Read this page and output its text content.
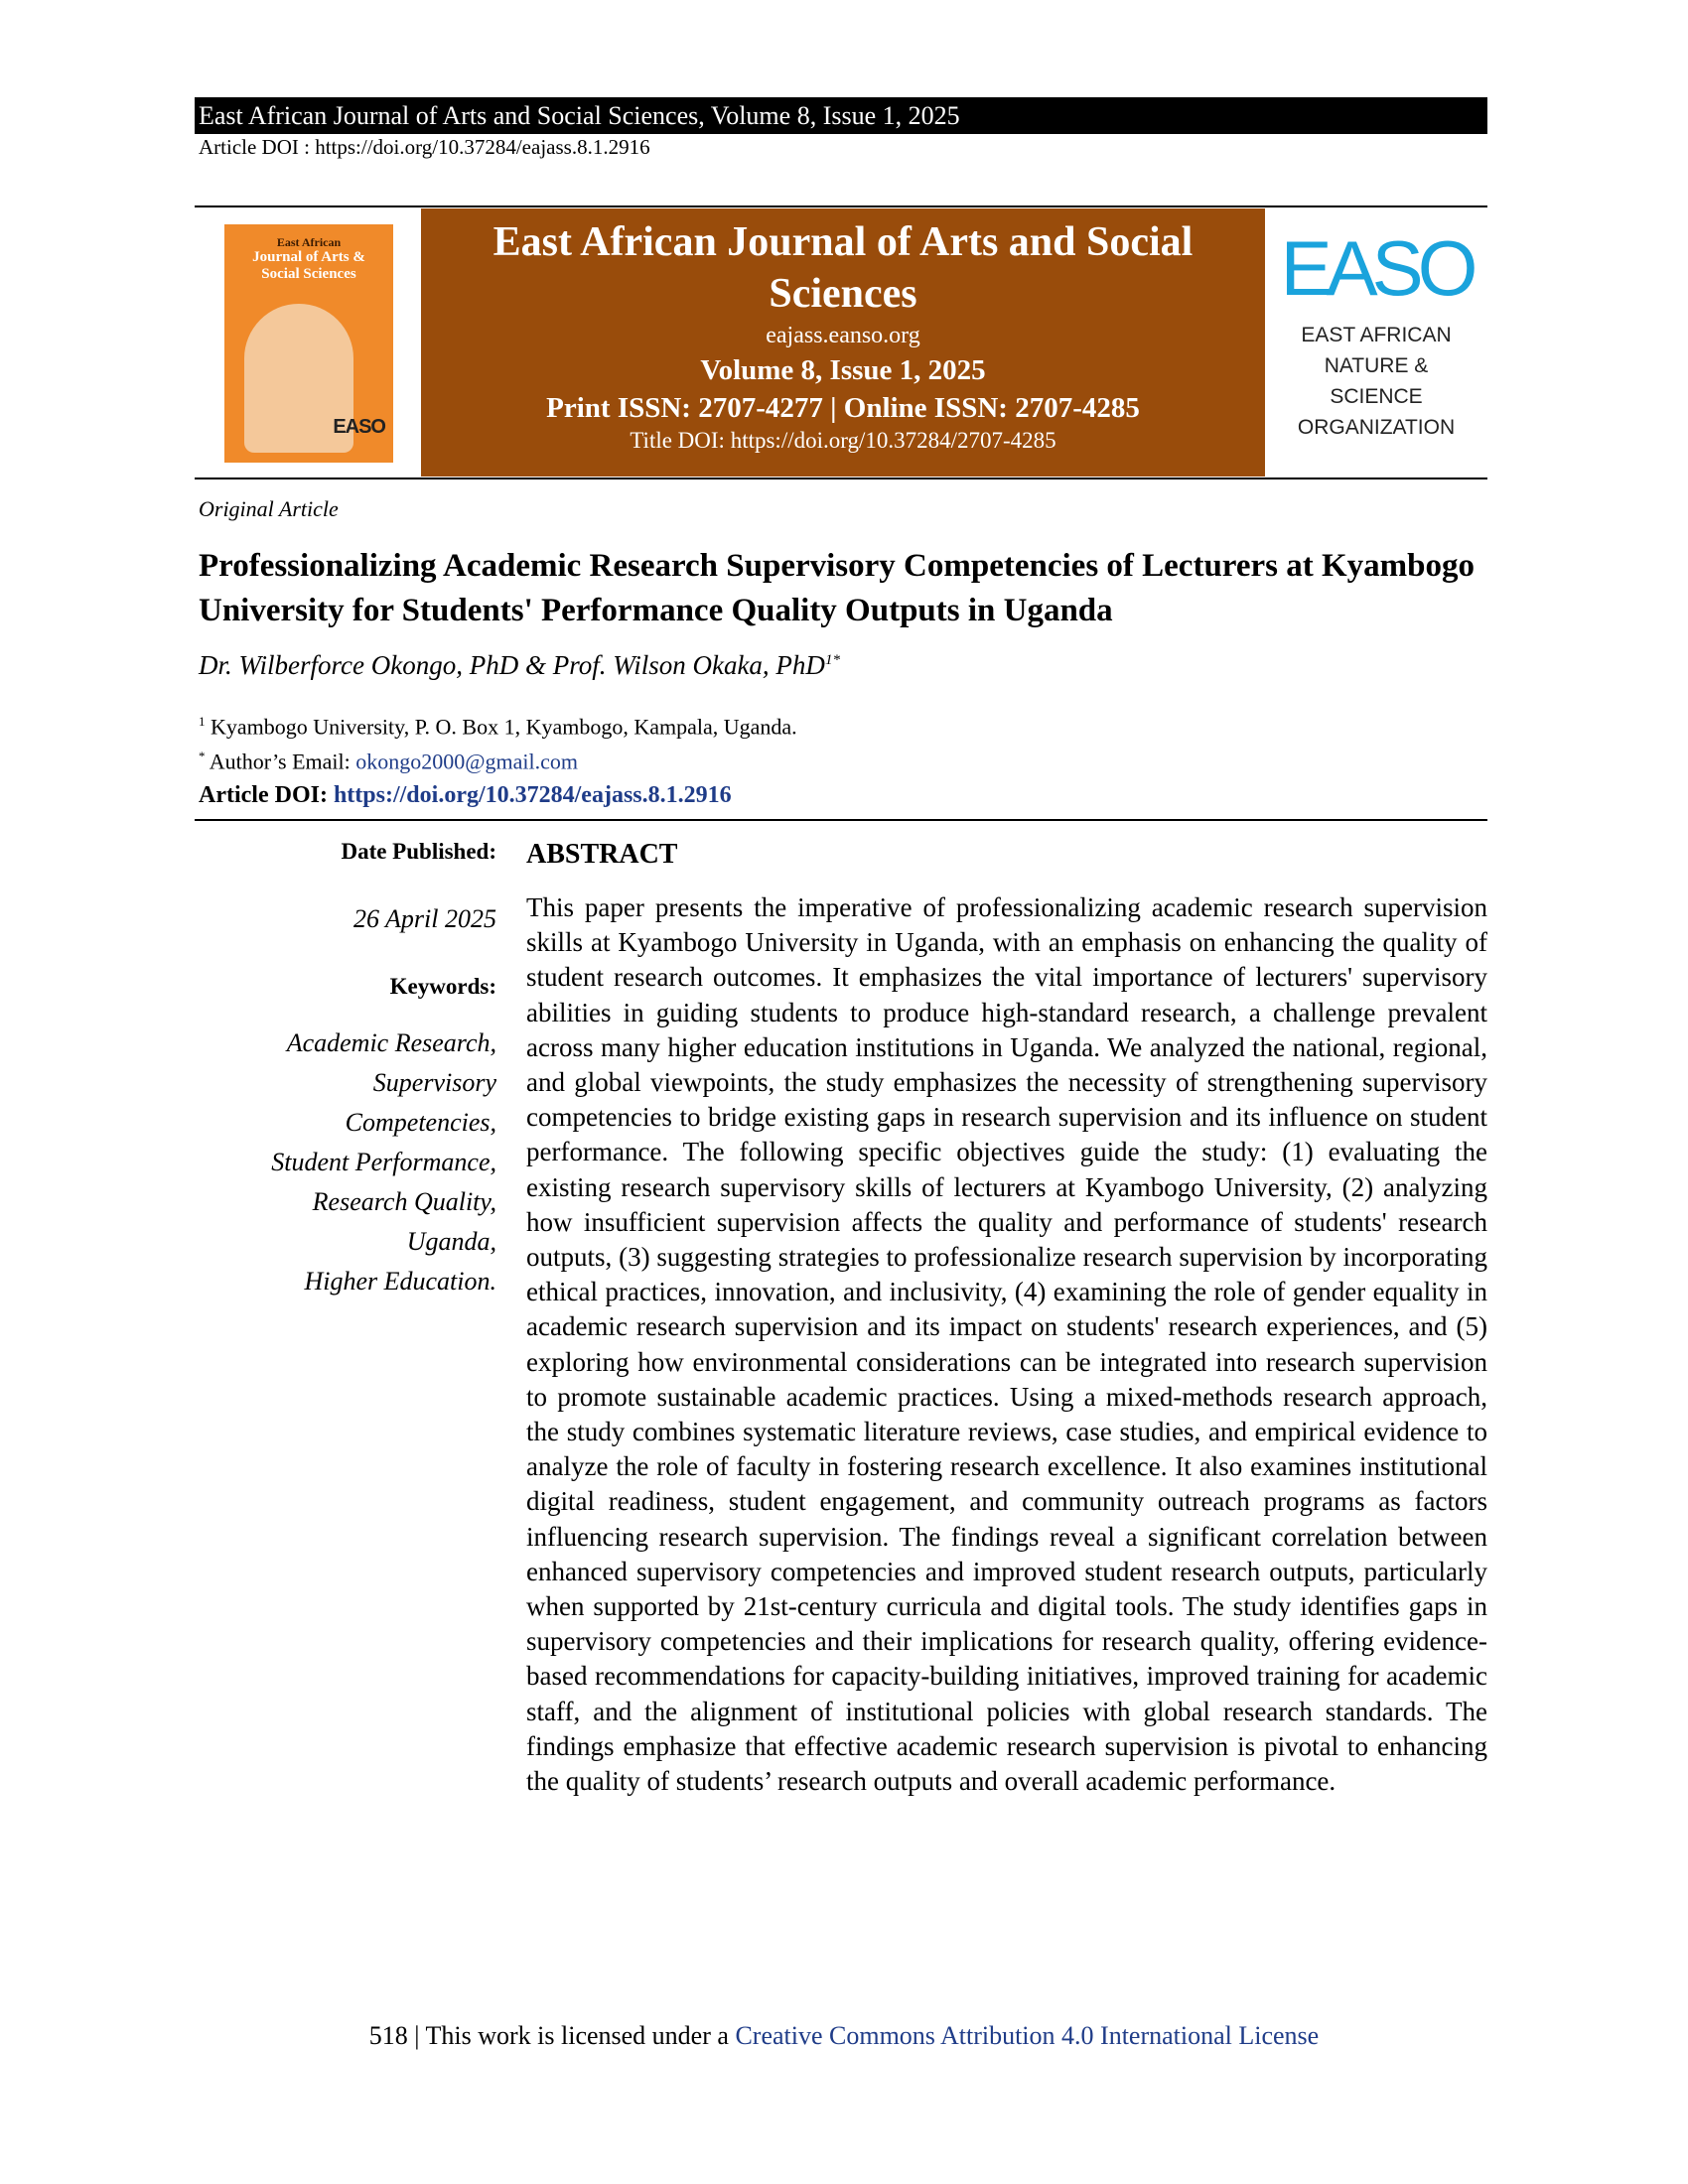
East African Journal of Arts and Social Sciences, Volume 8, Issue 1, 2025
Article DOI : https://doi.org/10.37284/eajass.8.1.2916
East African
Journal of Arts &
Social Sciences
EASO
East African Journal of Arts and Social Sciences
eajass.eanso.org
Volume 8, Issue 1, 2025
Print ISSN: 2707-4277 | Online ISSN: 2707-4285
Title DOI: https://doi.org/10.37284/2707-4285
EASO
EAST AFRICAN
NATURE &
SCIENCE
ORGANIZATION
Original Article
Professionalizing Academic Research Supervisory Competencies of Lecturers at Kyambogo University for Students' Performance Quality Outputs in Uganda
Dr. Wilberforce Okongo, PhD & Prof. Wilson Okaka, PhD$^{1*}$
$^1$ Kyambogo University, P. O. Box 1, Kyambogo, Kampala, Uganda.
* Author’s Email: okongo2000@gmail.com
Article DOI: https://doi.org/10.37284/eajass.8.1.2916
Date Published:
26 April 2025
Keywords:
Academic Research,
Supervisory
Competencies,
Student Performance,
Research Quality,
Uganda,
Higher Education.
ABSTRACT
This paper presents the imperative of professionalizing academic research supervision skills at Kyambogo University in Uganda, with an emphasis on enhancing the quality of student research outcomes. It emphasizes the vital importance of lecturers' supervisory abilities in guiding students to produce high-standard research, a challenge prevalent across many higher education institutions in Uganda. We analyzed the national, regional, and global viewpoints, the study emphasizes the necessity of strengthening supervisory competencies to bridge existing gaps in research supervision and its influence on student performance. The following specific objectives guide the study: (1) evaluating the existing research supervisory skills of lecturers at Kyambogo University, (2) analyzing how insufficient supervision affects the quality and performance of students' research outputs, (3) suggesting strategies to professionalize research supervision by incorporating ethical practices, innovation, and inclusivity, (4) examining the role of gender equality in academic research supervision and its impact on students' research experiences, and (5) exploring how environmental considerations can be integrated into research supervision to promote sustainable academic practices. Using a mixed-methods research approach, the study combines systematic literature reviews, case studies, and empirical evidence to analyze the role of faculty in fostering research excellence. It also examines institutional digital readiness, student engagement, and community outreach programs as factors influencing research supervision. The findings reveal a significant correlation between enhanced supervisory competencies and improved student research outputs, particularly when supported by 21st-century curricula and digital tools. The study identifies gaps in supervisory competencies and their implications for research quality, offering evidence-based recommendations for capacity-building initiatives, improved training for academic staff, and the alignment of institutional policies with global research standards. The findings emphasize that effective academic research supervision is pivotal to enhancing the quality of students’ research outputs and overall academic performance.
518 | This work is licensed under a Creative Commons Attribution 4.0 International License
